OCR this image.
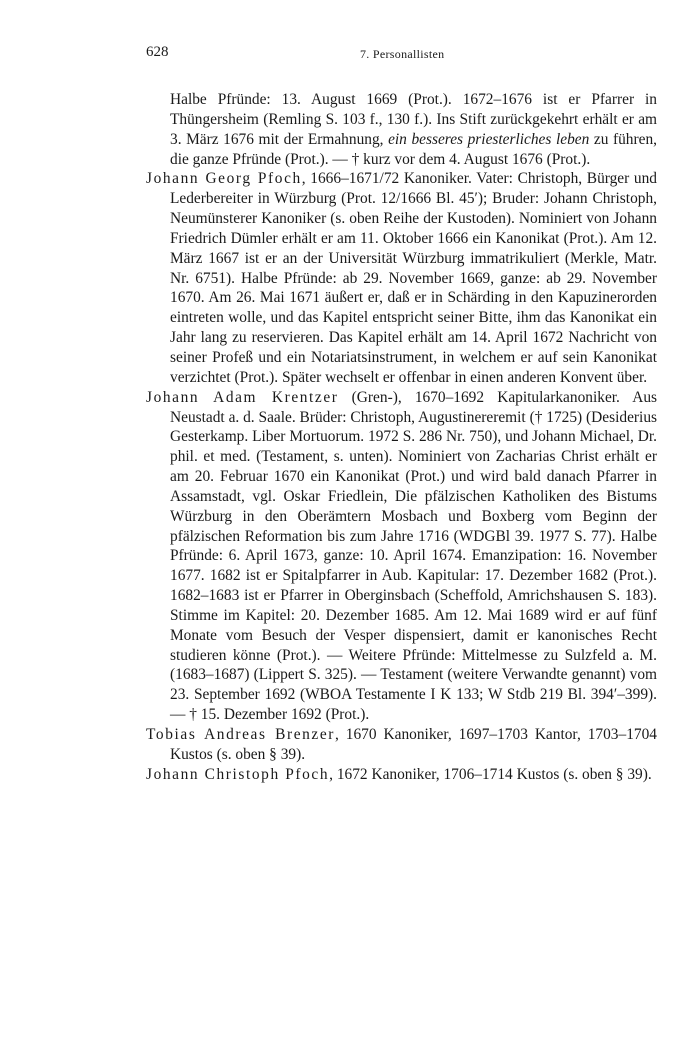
628	7. Personallisten

Halbe Pfründe: 13. August 1669 (Prot.). 1672–1676 ist er Pfarrer in Thüngersheim (Remling S. 103 f., 130 f.). Ins Stift zurückgekehrt erhält er am 3. März 1676 mit der Ermahnung, ein besseres priesterliches leben zu führen, die ganze Pfründe (Prot.). — † kurz vor dem 4. August 1676 (Prot.).

Johann Georg Pfoch, 1666–1671/72 Kanoniker. Vater: Christoph, Bürger und Lederbereiter in Würzburg (Prot. 12/1666 Bl. 45′); Bruder: Johann Christoph, Neumünsterer Kanoniker (s. oben Reihe der Kustoden). Nominiert von Johann Friedrich Dümler erhält er am 11. Oktober 1666 ein Kanonikat (Prot.). Am 12. März 1667 ist er an der Universität Würzburg immatrikuliert (Merkle, Matr. Nr. 6751). Halbe Pfründe: ab 29. November 1669, ganze: ab 29. November 1670. Am 26. Mai 1671 äußert er, daß er in Schärding in den Kapuzinerorden eintreten wolle, und das Kapitel entspricht seiner Bitte, ihm das Kanonikat ein Jahr lang zu reservieren. Das Kapitel erhält am 14. April 1672 Nachricht von seiner Profeß und ein Notariatsinstrument, in welchem er auf sein Kanonikat verzichtet (Prot.). Später wechselt er offenbar in einen anderen Konvent über.

Johann Adam Krentzer (Gren-), 1670–1692 Kapitularkanoniker. Aus Neustadt a. d. Saale. Brüder: Christoph, Augustinereremit († 1725) (Desiderius Gesterkamp. Liber Mortuorum. 1972 S. 286 Nr. 750), und Johann Michael, Dr. phil. et med. (Testament, s. unten). Nominiert von Zacharias Christ erhält er am 20. Februar 1670 ein Kanonikat (Prot.) und wird bald danach Pfarrer in Assamstadt, vgl. Oskar Friedlein, Die pfälzischen Katholiken des Bistums Würzburg in den Oberämtern Mosbach und Boxberg vom Beginn der pfälzischen Reformation bis zum Jahre 1716 (WDGBl 39. 1977 S. 77). Halbe Pfründe: 6. April 1673, ganze: 10. April 1674. Emanzipation: 16. November 1677. 1682 ist er Spitalpfarrer in Aub. Kapitular: 17. Dezember 1682 (Prot.). 1682–1683 ist er Pfarrer in Oberginsbach (Scheffold, Amrichshausen S. 183). Stimme im Kapitel: 20. Dezember 1685. Am 12. Mai 1689 wird er auf fünf Monate vom Besuch der Vesper dispensiert, damit er kanonisches Recht studieren könne (Prot.). — Weitere Pfründe: Mittelmesse zu Sulzfeld a. M. (1683–1687) (Lippert S. 325). — Testament (weitere Verwandte genannt) vom 23. September 1692 (WBOA Testamente I K 133; W Stdb 219 Bl. 394′–399). — † 15. Dezember 1692 (Prot.).

Tobias Andreas Brenzer, 1670 Kanoniker, 1697–1703 Kantor, 1703–1704 Kustos (s. oben § 39).

Johann Christoph Pfoch, 1672 Kanoniker, 1706–1714 Kustos (s. oben § 39).
